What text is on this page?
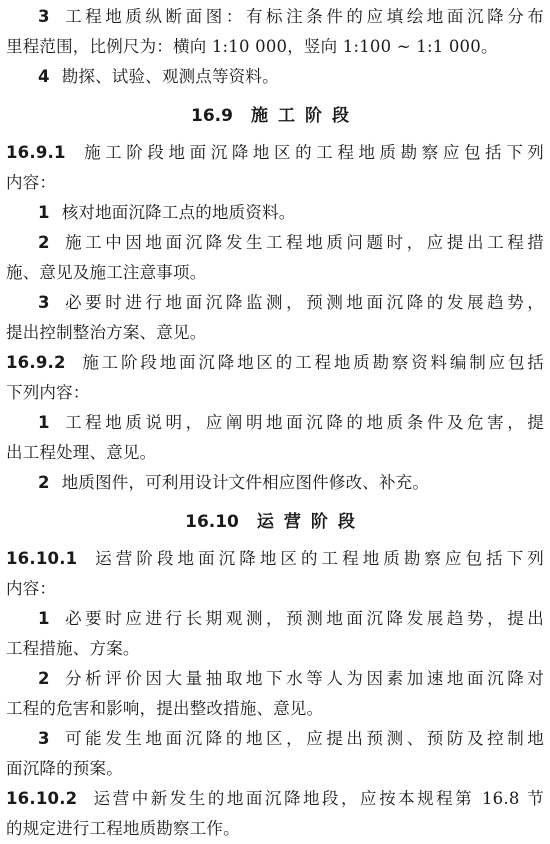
3 工程地质纵断面图：有标注条件的应填绘地面沉降分布
里程范围，比例尺为：横向 1:10 000，竖向 1:100 ~ 1:1 000。
4 勘探、试验、观测点等资料。
16.9 施工阶段
16.9.1 施工阶段地面沉降地区的工程地质勘察应包括下列
内容：
1 核对地面沉降工点的地质资料。
2 施工中因地面沉降发生工程地质问题时，应提出工程措
施、意见及施工注意事项。
3 必要时进行地面沉降监测，预测地面沉降的发展趋势，
提出控制整治方案、意见。
16.9.2 施工阶段地面沉降地区的工程地质勘察资料编制应包括
下列内容：
1 工程地质说明，应阐明地面沉降的地质条件及危害，提
出工程处理、意见。
2 地质图件，可利用设计文件相应图件修改、补充。
16.10 运营阶段
16.10.1 运营阶段地面沉降地区的工程地质勘察应包括下列
内容：
1 必要时应进行长期观测，预测地面沉降发展趋势，提出
工程措施、方案。
2 分析评价因大量抽取地下水等人为因素加速地面沉降对
工程的危害和影响，提出整改措施、意见。
3 可能发生地面沉降的地区，应提出预测、预防及控制地
面沉降的预案。
16.10.2 运营中新发生的地面沉降地段，应按本规程第 16.8 节
的规定进行工程地质勘察工作。
